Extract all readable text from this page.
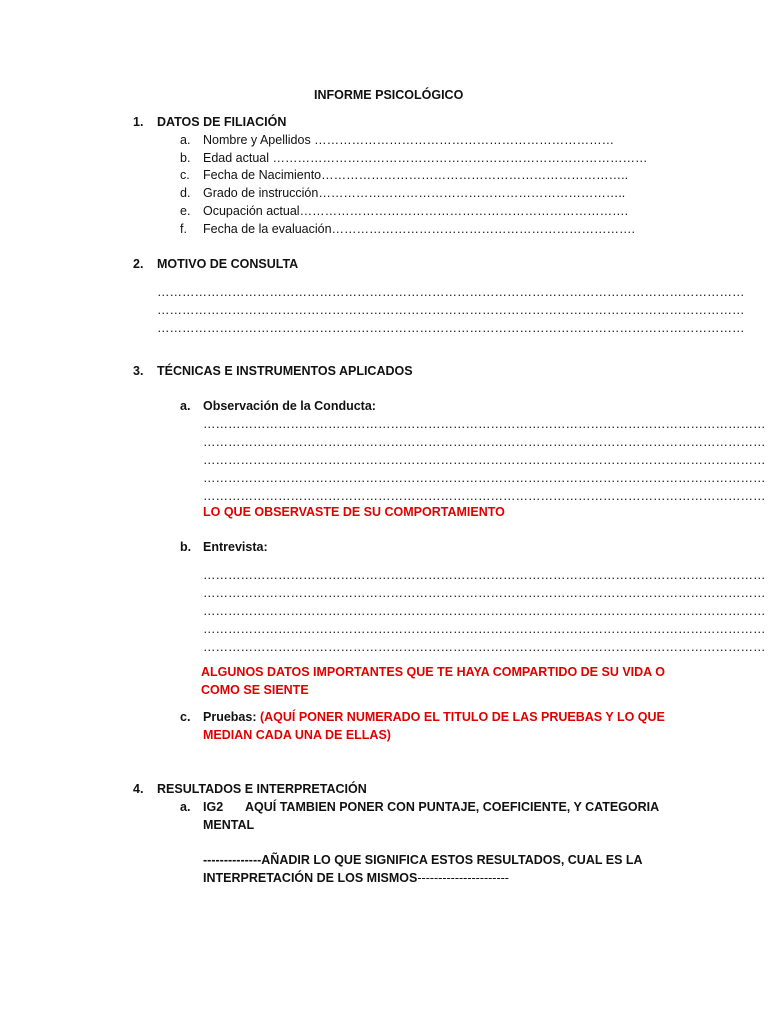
INFORME PSICOLÓGICO
1. DATOS DE FILIACIÓN
a. Nombre y Apellidos ………………………………………………………………
b. Edad actual ………………………………………………………………………………
c. Fecha de Nacimiento………………………………………………………………..
d. Grado de instrucción………………………………………………………………..
e. Ocupación actual…………………………………………………………………….
f. Fecha de la evaluación……………………………………………………………….
2. MOTIVO DE CONSULTA
……………………………………………………………………………………………………………………………
……………………………………………………………………………………………………………………………
……………………………………………………………………………………………………………………………
3. TÉCNICAS E INSTRUMENTOS APLICADOS
a. Observación de la Conducta:
………………………………………………………………………………………………………………………
………………………………………………………………………………………………………………………
………………………………………………………………………………………………………………………
………………………………………………………………………………………………………………………
………………………………………………………………………………………………………………………
LO QUE OBSERVASTE DE SU COMPORTAMIENTO
b. Entrevista:
………………………………………………………………………………………………………………………
………………………………………………………………………………………………………………………
………………………………………………………………………………………………………………………
………………………………………………………………………………………………………………………
………………………………………………………………………………………………………………………
ALGUNOS DATOS IMPORTANTES QUE TE HAYA COMPARTIDO DE SU VIDA O
COMO SE SIENTE
c. Pruebas: (AQUÍ PONER NUMERADO EL TITULO DE LAS PRUEBAS Y LO QUE
MEDIAN CADA UNA DE ELLAS)
4. RESULTADOS E INTERPRETACIÓN
a. IG2 AQUÍ TAMBIEN PONER CON PUNTAJE, COEFICIENTE, Y CATEGORIA
MENTAL
--------------AÑADIR LO QUE SIGNIFICA ESTOS RESULTADOS, CUAL ES LA
INTERPRETACIÓN DE LOS MISMOS----------------------
